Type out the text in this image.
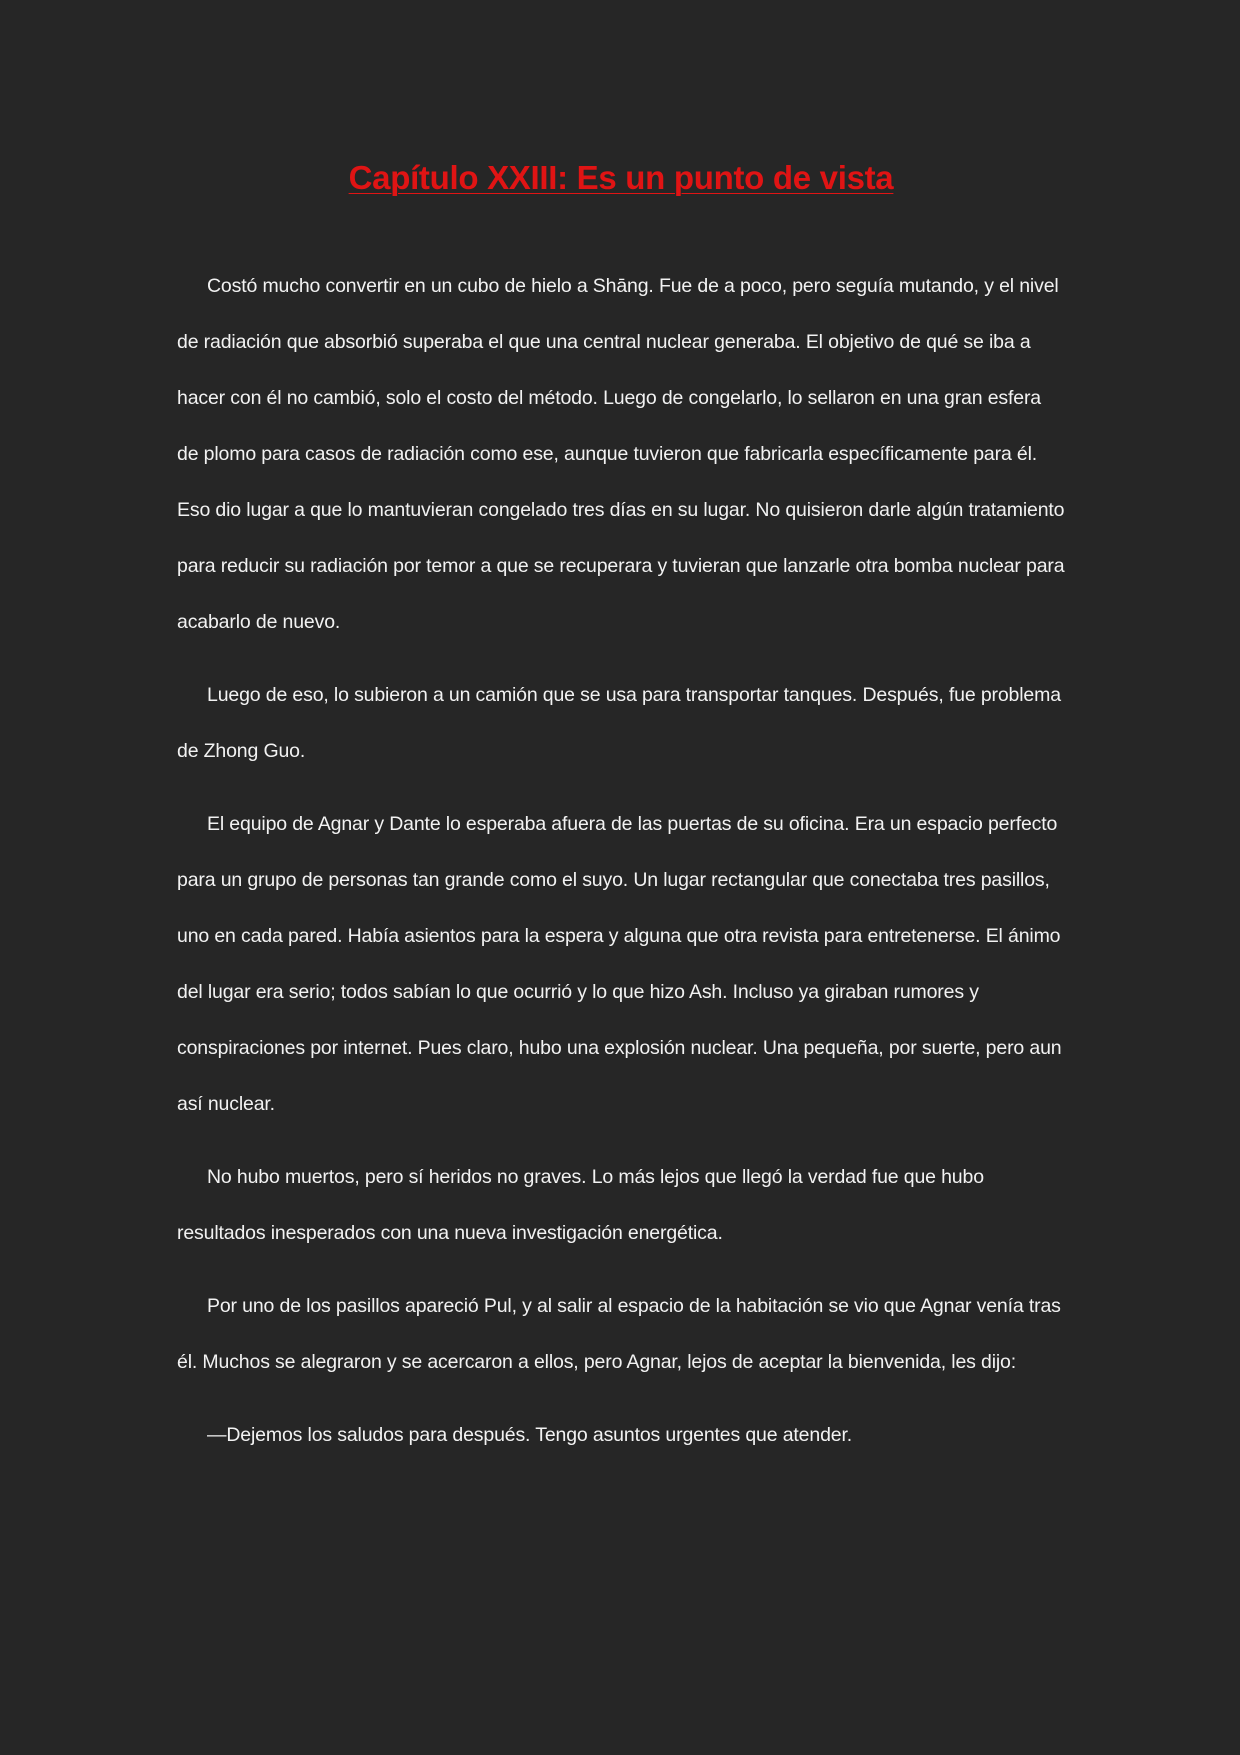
Capítulo XXIII: Es un punto de vista

Costó mucho convertir en un cubo de hielo a Shāng. Fue de a poco, pero seguía mutando, y el nivel de radiación que absorbió superaba el que una central nuclear generaba. El objetivo de qué se iba a hacer con él no cambió, solo el costo del método. Luego de congelarlo, lo sellaron en una gran esfera de plomo para casos de radiación como ese, aunque tuvieron que fabricarla específicamente para él. Eso dio lugar a que lo mantuvieran congelado tres días en su lugar. No quisieron darle algún tratamiento para reducir su radiación por temor a que se recuperara y tuvieran que lanzarle otra bomba nuclear para acabarlo de nuevo.

Luego de eso, lo subieron a un camión que se usa para transportar tanques. Después, fue problema de Zhong Guo.

El equipo de Agnar y Dante lo esperaba afuera de las puertas de su oficina. Era un espacio perfecto para un grupo de personas tan grande como el suyo. Un lugar rectangular que conectaba tres pasillos, uno en cada pared. Había asientos para la espera y alguna que otra revista para entretenerse. El ánimo del lugar era serio; todos sabían lo que ocurrió y lo que hizo Ash. Incluso ya giraban rumores y conspiraciones por internet. Pues claro, hubo una explosión nuclear. Una pequeña, por suerte, pero aun así nuclear.

No hubo muertos, pero sí heridos no graves. Lo más lejos que llegó la verdad fue que hubo resultados inesperados con una nueva investigación energética.

Por uno de los pasillos apareció Pul, y al salir al espacio de la habitación se vio que Agnar venía tras él. Muchos se alegraron y se acercaron a ellos, pero Agnar, lejos de aceptar la bienvenida, les dijo:

—Dejemos los saludos para después. Tengo asuntos urgentes que atender.
